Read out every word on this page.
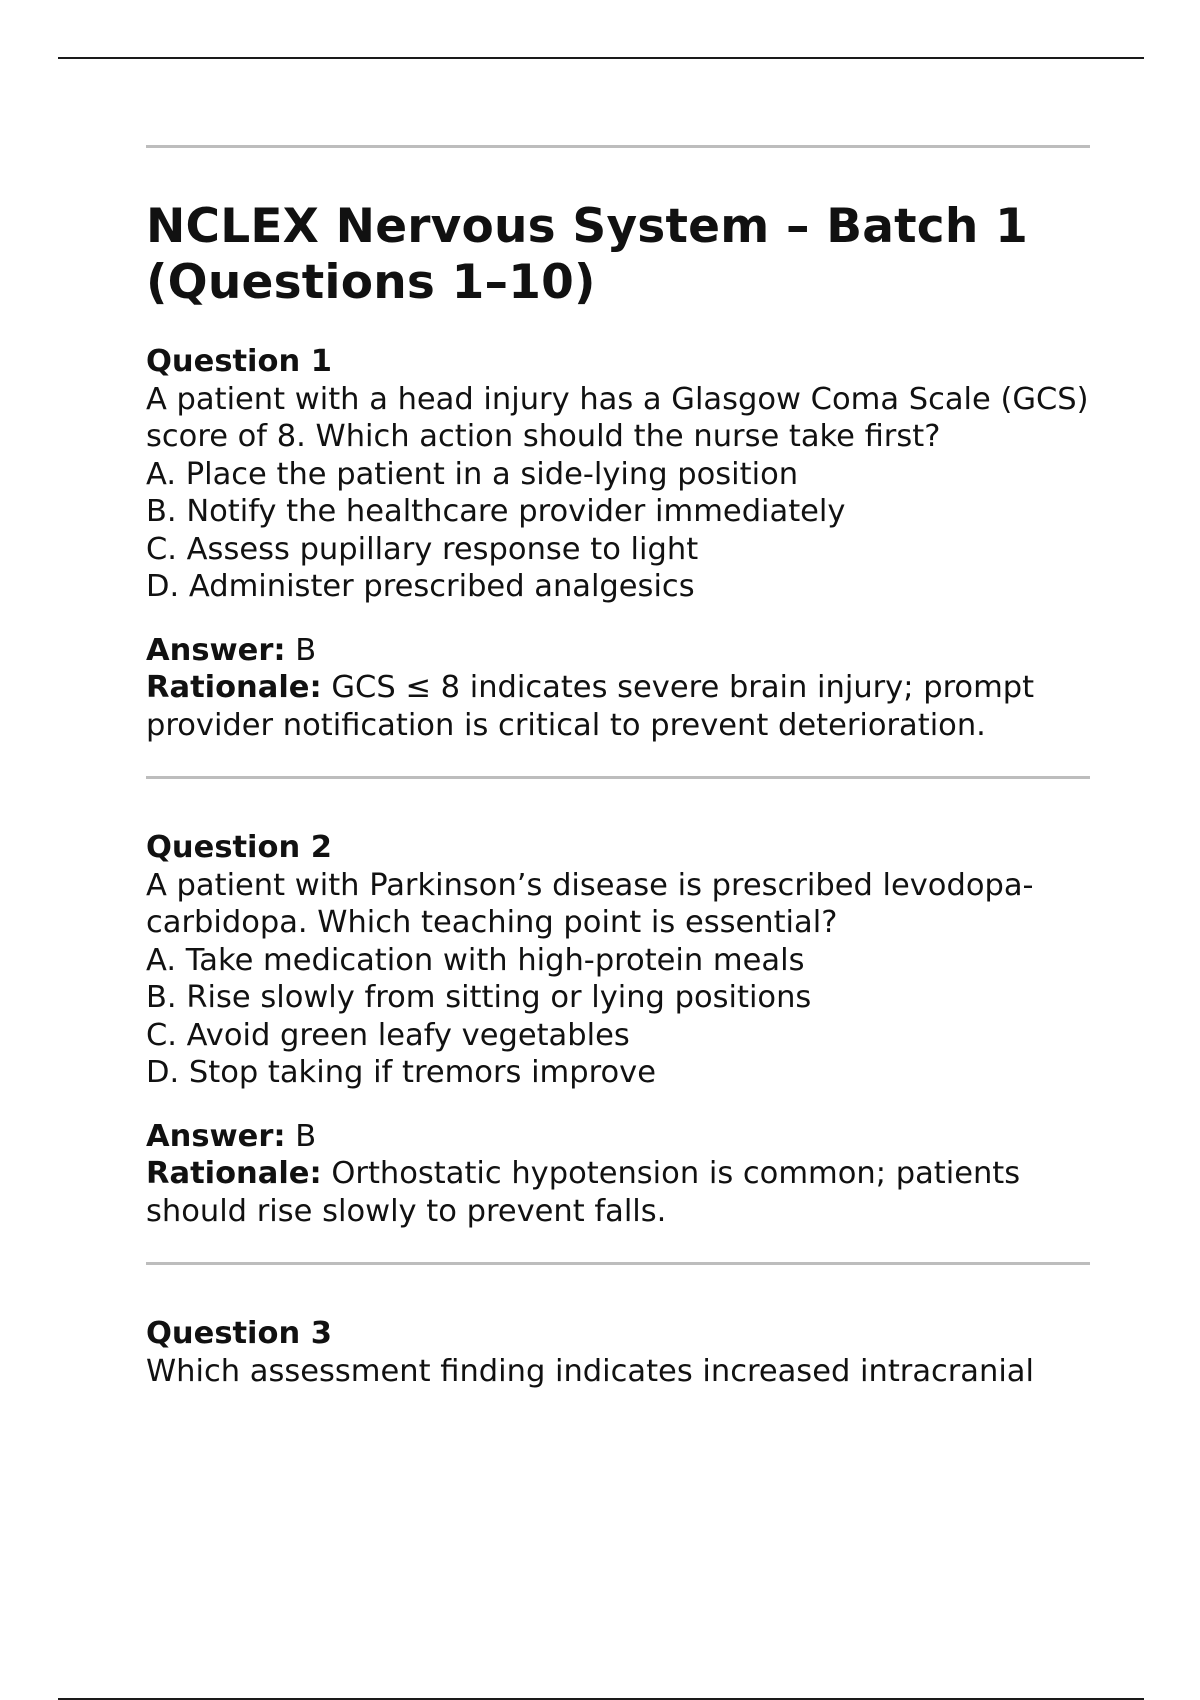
NCLEX Nervous System – Batch 1 (Questions 1–10)
Question 1
A patient with a head injury has a Glasgow Coma Scale (GCS) score of 8. Which action should the nurse take first?
A. Place the patient in a side-lying position
B. Notify the healthcare provider immediately
C. Assess pupillary response to light
D. Administer prescribed analgesics
Answer: B
Rationale: GCS ≤ 8 indicates severe brain injury; prompt provider notification is critical to prevent deterioration.
Question 2
A patient with Parkinson’s disease is prescribed levodopa-carbidopa. Which teaching point is essential?
A. Take medication with high-protein meals
B. Rise slowly from sitting or lying positions
C. Avoid green leafy vegetables
D. Stop taking if tremors improve
Answer: B
Rationale: Orthostatic hypotension is common; patients should rise slowly to prevent falls.
Question 3
Which assessment finding indicates increased intracranial
